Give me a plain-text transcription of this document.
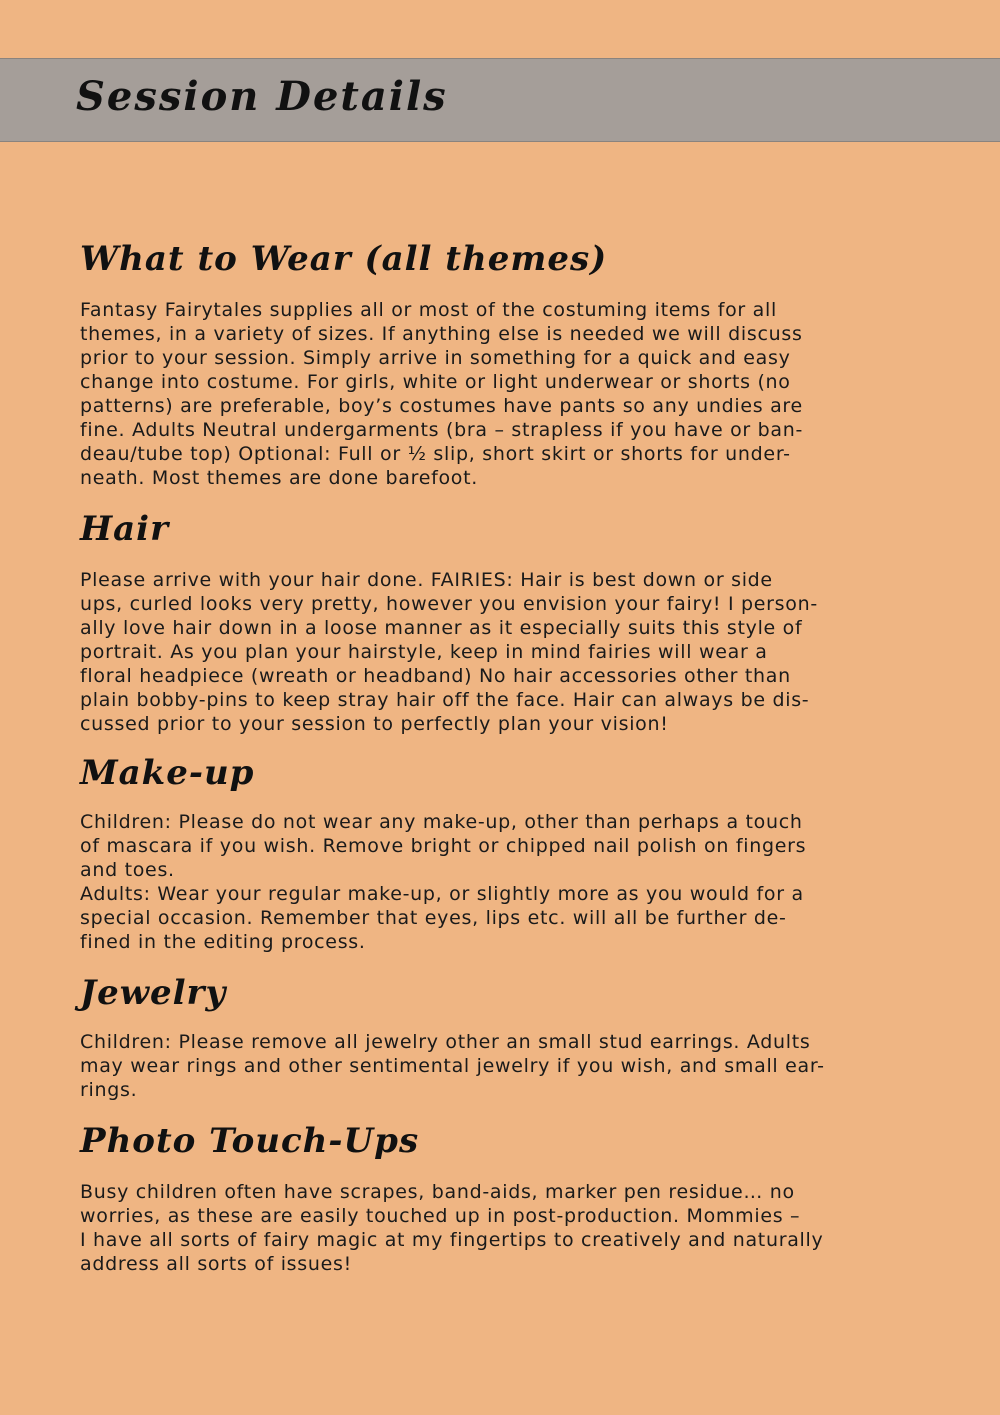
Session Details
What to Wear (all themes)

Fantasy Fairytales supplies all or most of the costuming items for all
themes, in a variety of sizes. If anything else is needed we will discuss
prior to your session. Simply arrive in something for a quick and easy
change into costume. For girls, white or light underwear or shorts (no
patterns) are preferable, boy’s costumes have pants so any undies are
fine. Adults Neutral undergarments (bra – strapless if you have or ban-
deau/tube top) Optional: Full or ½ slip, short skirt or shorts for under-
neath. Most themes are done barefoot.

Hair

Please arrive with your hair done. FAIRIES: Hair is best down or side
ups, curled looks very pretty, however you envision your fairy! I person-
ally love hair down in a loose manner as it especially suits this style of
portrait. As you plan your hairstyle, keep in mind fairies will wear a
floral headpiece (wreath or headband) No hair accessories other than
plain bobby-pins to keep stray hair off the face. Hair can always be dis-
cussed prior to your session to perfectly plan your vision!

Make-up

Children: Please do not wear any make-up, other than perhaps a touch
of mascara if you wish. Remove bright or chipped nail polish on fingers
and toes.
Adults: Wear your regular make-up, or slightly more as you would for a
special occasion. Remember that eyes, lips etc. will all be further de-
fined in the editing process.

Jewelry

Children: Please remove all jewelry other an small stud earrings. Adults
may wear rings and other sentimental jewelry if you wish, and small ear-
rings.

Photo Touch-Ups

Busy children often have scrapes, band-aids, marker pen residue… no
worries, as these are easily touched up in post-production. Mommies –
I have all sorts of fairy magic at my fingertips to creatively and naturally
address all sorts of issues!
